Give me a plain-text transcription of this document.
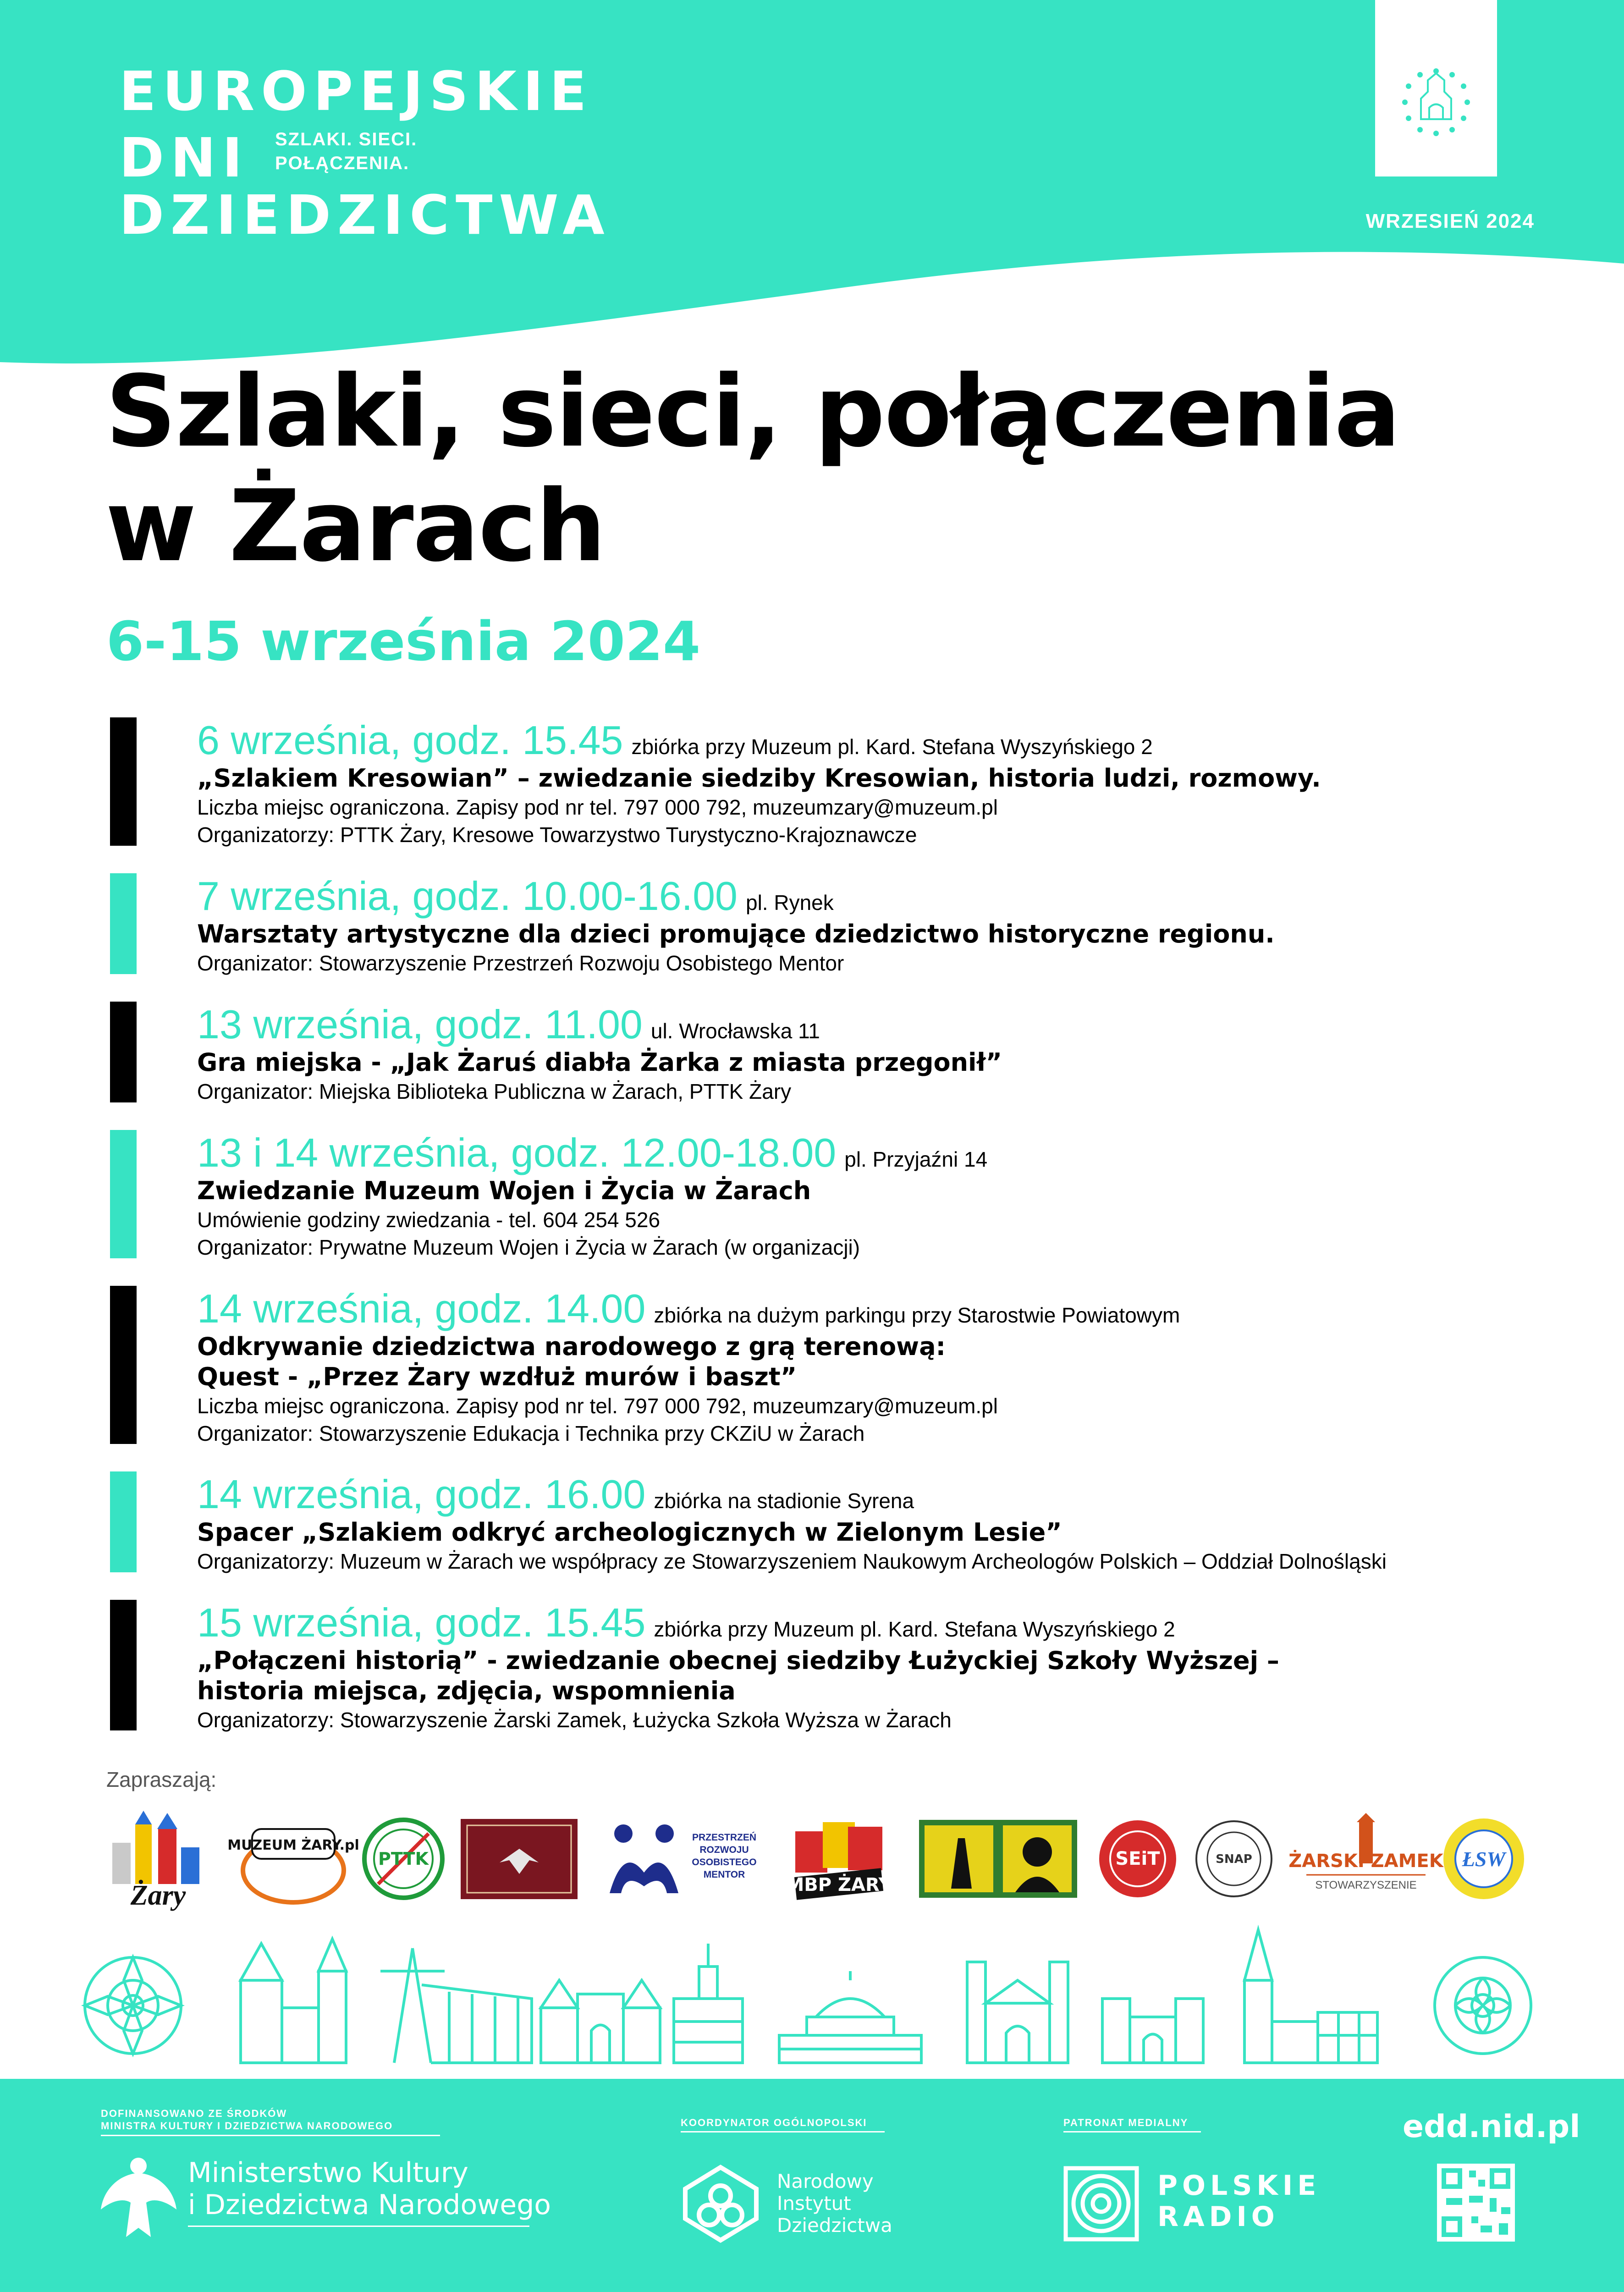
EUROPEJSKIE
DNI
DZIEDZICTWA
SZLAKI. SIECI.
POŁĄCZENIA.
WRZESIEŃ 2024
Szlaki, sieci, połączenia
w Żarach
6-15 września 2024
6 września, godz. 15.45 zbiórka przy Muzeum pl. Kard. Stefana Wyszyńskiego 2
„Szlakiem Kresowian” – zwiedzanie siedziby Kresowian, historia ludzi, rozmowy.
Liczba miejsc ograniczona. Zapisy pod nr tel. 797 000 792, muzeumzary@muzeum.pl
Organizatorzy: PTTK Żary, Kresowe Towarzystwo Turystyczno-Krajoznawcze
7 września, godz. 10.00-16.00 pl. Rynek
Warsztaty artystyczne dla dzieci promujące dziedzictwo historyczne regionu.
Organizator: Stowarzyszenie Przestrzeń Rozwoju Osobistego Mentor
13 września, godz. 11.00 ul. Wrocławska 11
Gra miejska - „Jak Żaruś diabła Żarka z miasta przegonił”
Organizator: Miejska Biblioteka Publiczna w Żarach, PTTK Żary
13 i 14 września, godz. 12.00-18.00 pl. Przyjaźni 14
Zwiedzanie Muzeum Wojen i Życia w Żarach
Umówienie godziny zwiedzania - tel. 604 254 526
Organizator: Prywatne Muzeum Wojen i Życia w Żarach (w organizacji)
14 września, godz. 14.00 zbiórka na dużym parkingu przy Starostwie Powiatowym
Odkrywanie dziedzictwa narodowego z grą terenową:
Quest - „Przez Żary wzdłuż murów i baszt”
Liczba miejsc ograniczona. Zapisy pod nr tel. 797 000 792, muzeumzary@muzeum.pl
Organizator: Stowarzyszenie Edukacja i Technika przy CKZiU w Żarach
14 września, godz. 16.00 zbiórka na stadionie Syrena
Spacer „Szlakiem odkryć archeologicznych w Zielonym Lesie”
Organizatorzy: Muzeum w Żarach we współpracy ze Stowarzyszeniem Naukowym Archeologów Polskich – Oddział Dolnośląski
15 września, godz. 15.45 zbiórka przy Muzeum pl. Kard. Stefana Wyszyńskiego 2
„Połączeni historią” - zwiedzanie obecnej siedziby Łużyckiej Szkoły Wyższej –
historia miejsca, zdjęcia, wspomnienia
Organizatorzy: Stowarzyszenie Żarski Zamek, Łużycka Szkoła Wyższa w Żarach
Zapraszają:
Żary
MUZEUM ŻARY.pl
PTTK
PRZESTRZEŃ ROZWOJU OSOBISTEGO MENTOR	MBP ŻARY
SEiT	SNAP ŻARSKI ZAMEK
STOWARZYSZENIE
ŁSW
DOFINANSOWANO ZE ŚRODKÓW
MINISTRA KULTURY I DZIEDZICTWA NARODOWEGO
Ministerstwo Kultury
i Dziedzictwa Narodowego
KOORDYNATOR OGÓLNOPOLSKI
Narodowy
Instytut
Dziedzictwa
PATRONAT MEDIALNY
POLSKIE
RADIO
edd.nid.pl
